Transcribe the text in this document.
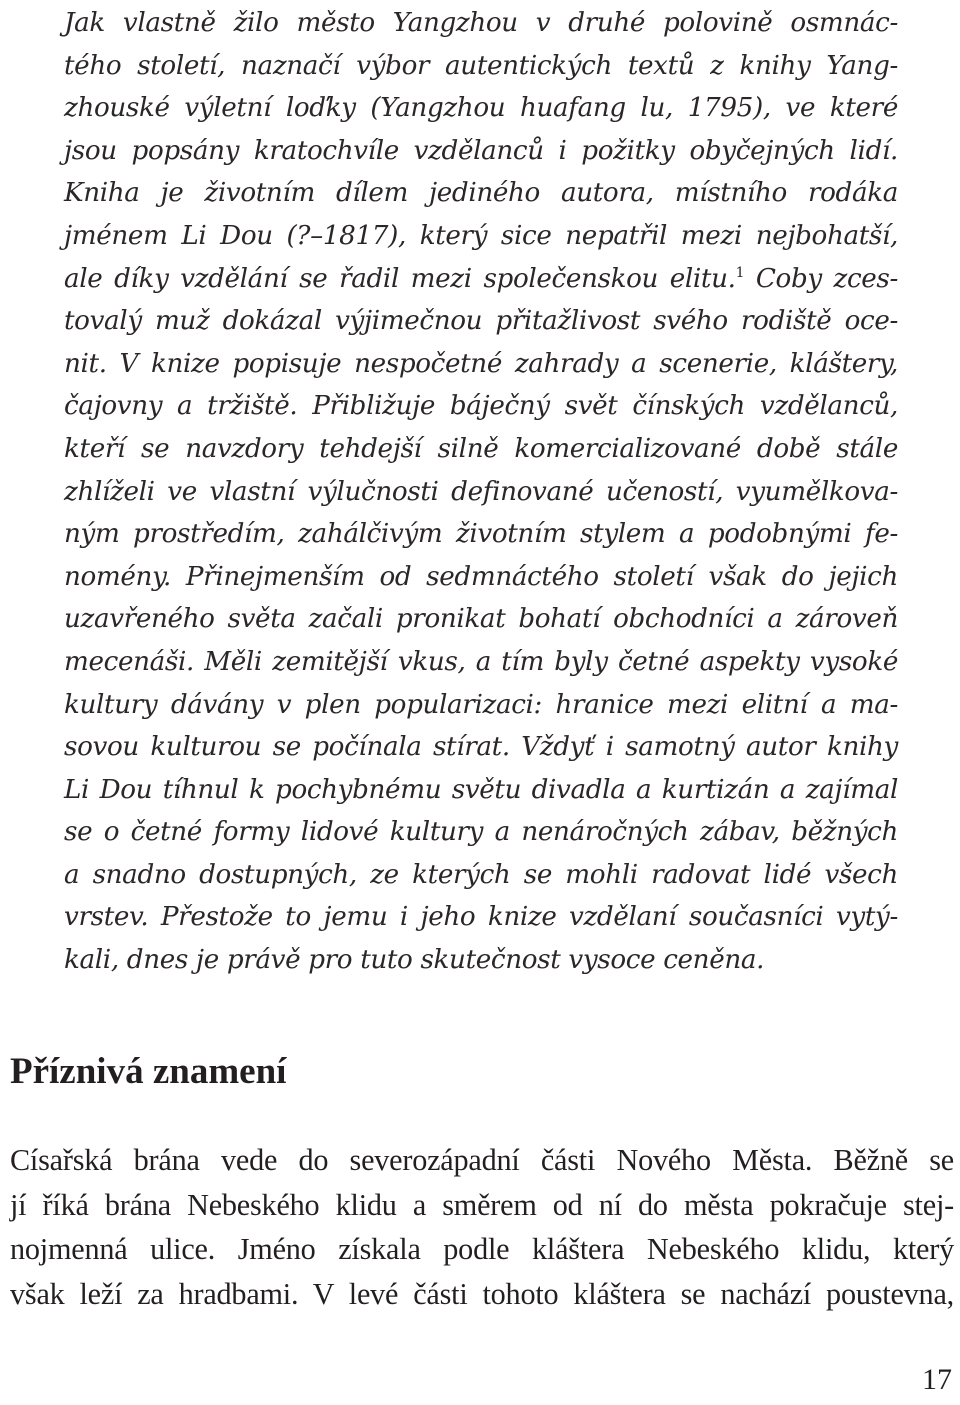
Jak vlastně žilo město Yangzhou v druhé polovině osmnác-
tého století, naznačí výbor autentických textů z knihy Yang-
zhouské výletní loďky (Yangzhou huafang lu, 1795), ve které
jsou popsány kratochvíle vzdělanců i požitky obyčejných lidí.
Kniha je životním dílem jediného autora, místního rodáka
jménem Li Dou (?–1817), který sice nepatřil mezi nejbohatší,
ale díky vzdělání se řadil mezi společenskou elitu.$^1$ Coby zces-
tovalý muž dokázal výjimečnou přitažlivost svého rodiště oce-
nit. V knize popisuje nespočetné zahrady a scenerie, kláštery,
čajovny a tržiště. Přibližuje báječný svět čínských vzdělanců,
kteří se navzdory tehdejší silně komercializované době stále
zhlíželi ve vlastní výlučnosti definované učeností, vyumělkova-
ným prostředím, zahálčivým životním stylem a podobnými fe-
nomény. Přinejmenším od sedmnáctého století však do jejich
uzavřeného světa začali pronikat bohatí obchodníci a zároveň
mecenáši. Měli zemitější vkus, a tím byly četné aspekty vysoké
kultury dávány v plen popularizaci: hranice mezi elitní a ma-
sovou kulturou se počínala stírat. Vždyť i samotný autor knihy
Li Dou tíhnul k pochybnému světu divadla a kurtizán a zajímal
se o četné formy lidové kultury a nenáročných zábav, běžných
a snadno dostupných, ze kterých se mohli radovat lidé všech
vrstev. Přestože to jemu i jeho knize vzdělaní současníci vytý-
kali, dnes je právě pro tuto skutečnost vysoce ceněna.

Příznivá znamení

Císařská brána vede do severozápadní části Nového Města. Běžně se
jí říká brána Nebeského klidu a směrem od ní do města pokračuje stej-
nojmenná ulice. Jméno získala podle kláštera Nebeského klidu, který
však leží za hradbami. V levé části tohoto kláštera se nachází poustevna,

17
